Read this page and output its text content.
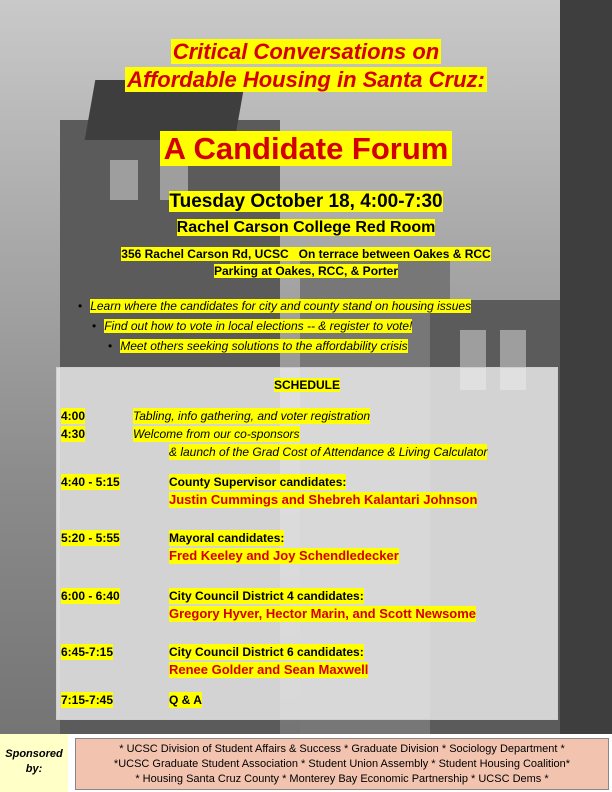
Critical Conversations on
Affordable Housing in Santa Cruz:
A Candidate Forum
Tuesday October 18, 4:00-7:30
Rachel Carson College Red Room
356 Rachel Carson Rd, UCSC   On terrace between Oakes & RCC
Parking at Oakes, RCC, & Porter
• Learn where the candidates for city and county stand on housing issues
• Find out how to vote in local elections -- & register to vote!
• Meet others seeking solutions to the affordability crisis
SCHEDULE
4:00	Tabling, info gathering, and voter registration
4:30	Welcome from our co-sponsors
& launch of the Grad Cost of Attendance & Living Calculator
4:40 - 5:15	County Supervisor candidates:
Justin Cummings and Shebreh Kalantari Johnson
5:20 - 5:55	Mayoral candidates:
Fred Keeley and Joy Schendledecker
6:00 - 6:40	City Council District 4 candidates:
Gregory Hyver, Hector Marin, and Scott Newsome
6:45-7:15	City Council District 6 candidates:
Renee Golder and Sean Maxwell
7:15-7:45	Q & A
Sponsored
by:
* UCSC Division of Student Affairs & Success * Graduate Division * Sociology Department *
*UCSC Graduate Student Association * Student Union Assembly * Student Housing Coalition*
* Housing Santa Cruz County * Monterey Bay Economic Partnership * UCSC Dems *
